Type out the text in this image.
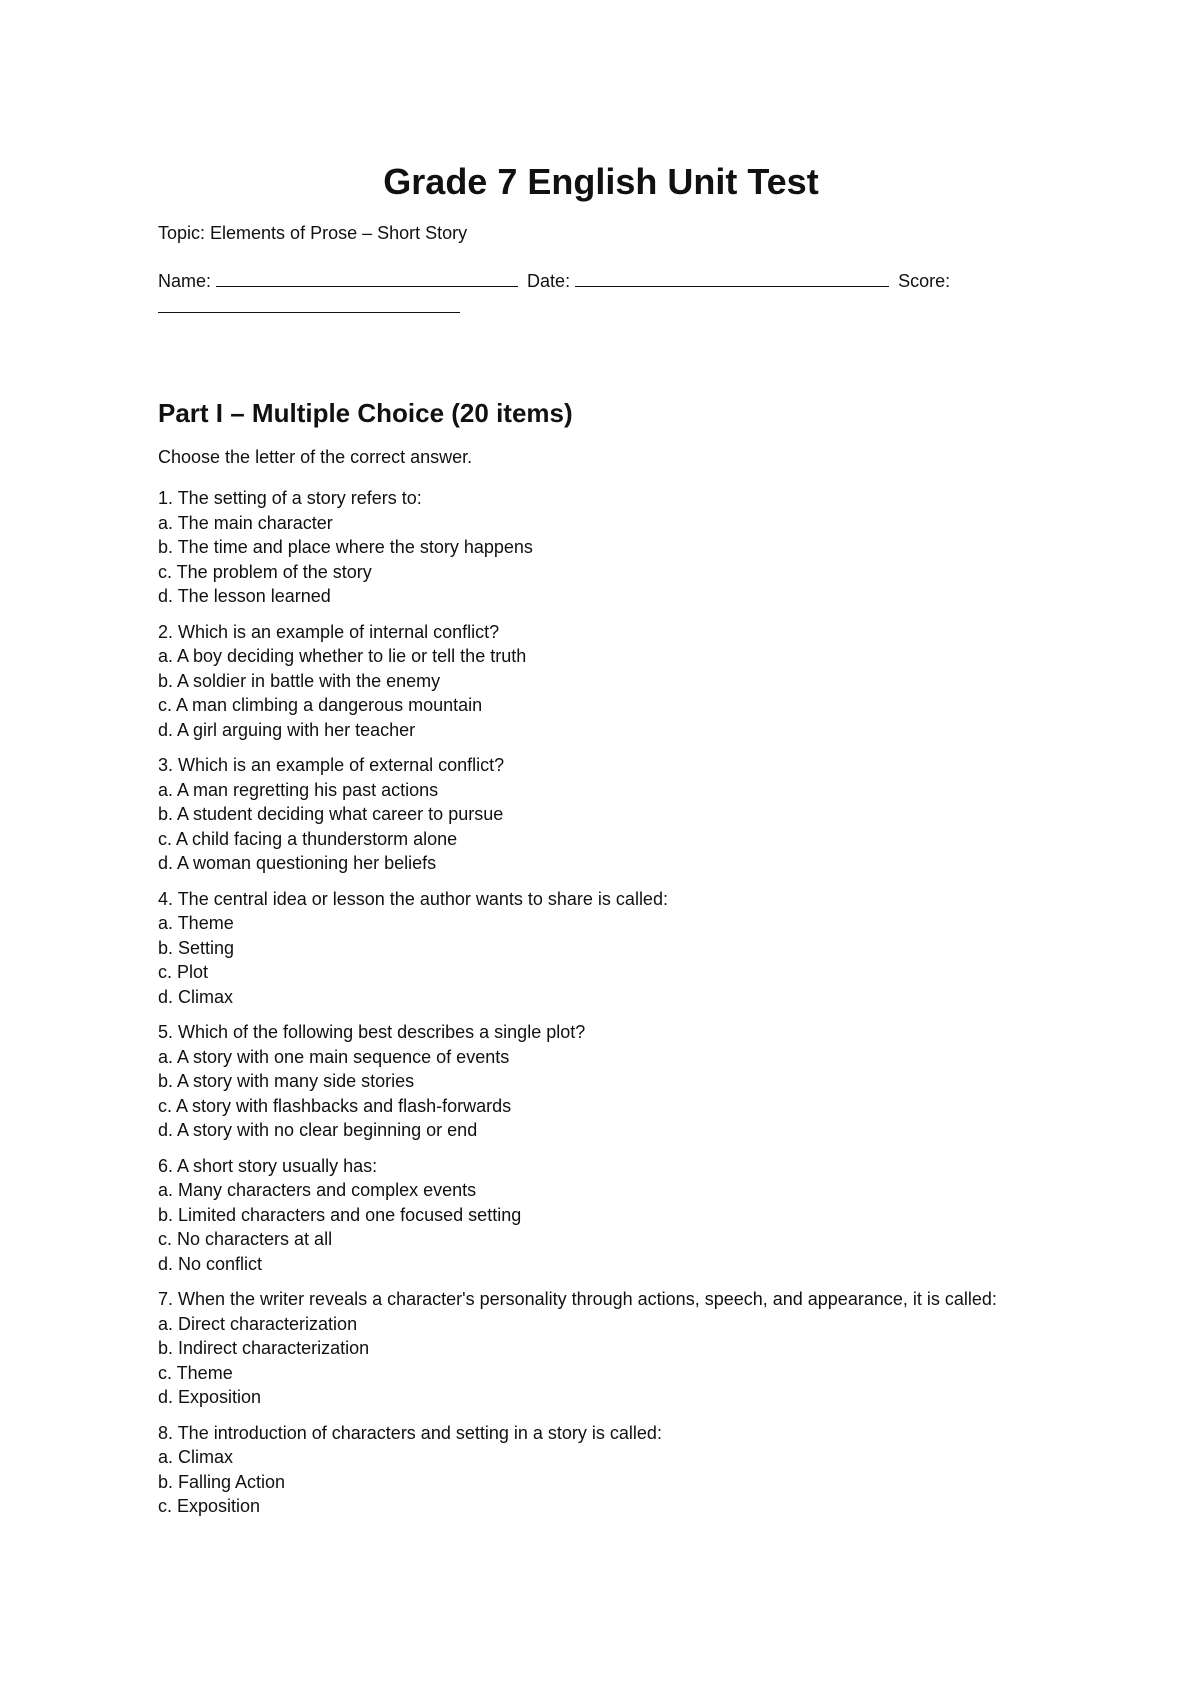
Grade 7 English Unit Test
Topic: Elements of Prose – Short Story
Name:	Date:	Score:

Part I – Multiple Choice (20 items)
Choose the letter of the correct answer.
1. The setting of a story refers to:
a. The main character
b. The time and place where the story happens
c. The problem of the story
d. The lesson learned
2. Which is an example of internal conflict?
a. A boy deciding whether to lie or tell the truth
b. A soldier in battle with the enemy
c. A man climbing a dangerous mountain
d. A girl arguing with her teacher
3. Which is an example of external conflict?
a. A man regretting his past actions
b. A student deciding what career to pursue
c. A child facing a thunderstorm alone
d. A woman questioning her beliefs
4. The central idea or lesson the author wants to share is called:
a. Theme
b. Setting
c. Plot
d. Climax
5. Which of the following best describes a single plot?
a. A story with one main sequence of events
b. A story with many side stories
c. A story with flashbacks and flash-forwards
d. A story with no clear beginning or end
6. A short story usually has:
a. Many characters and complex events
b. Limited characters and one focused setting
c. No characters at all
d. No conflict
7. When the writer reveals a character's personality through actions, speech, and appearance, it is called:
a. Direct characterization
b. Indirect characterization
c. Theme
d. Exposition
8. The introduction of characters and setting in a story is called:
a. Climax
b. Falling Action
c. Exposition
